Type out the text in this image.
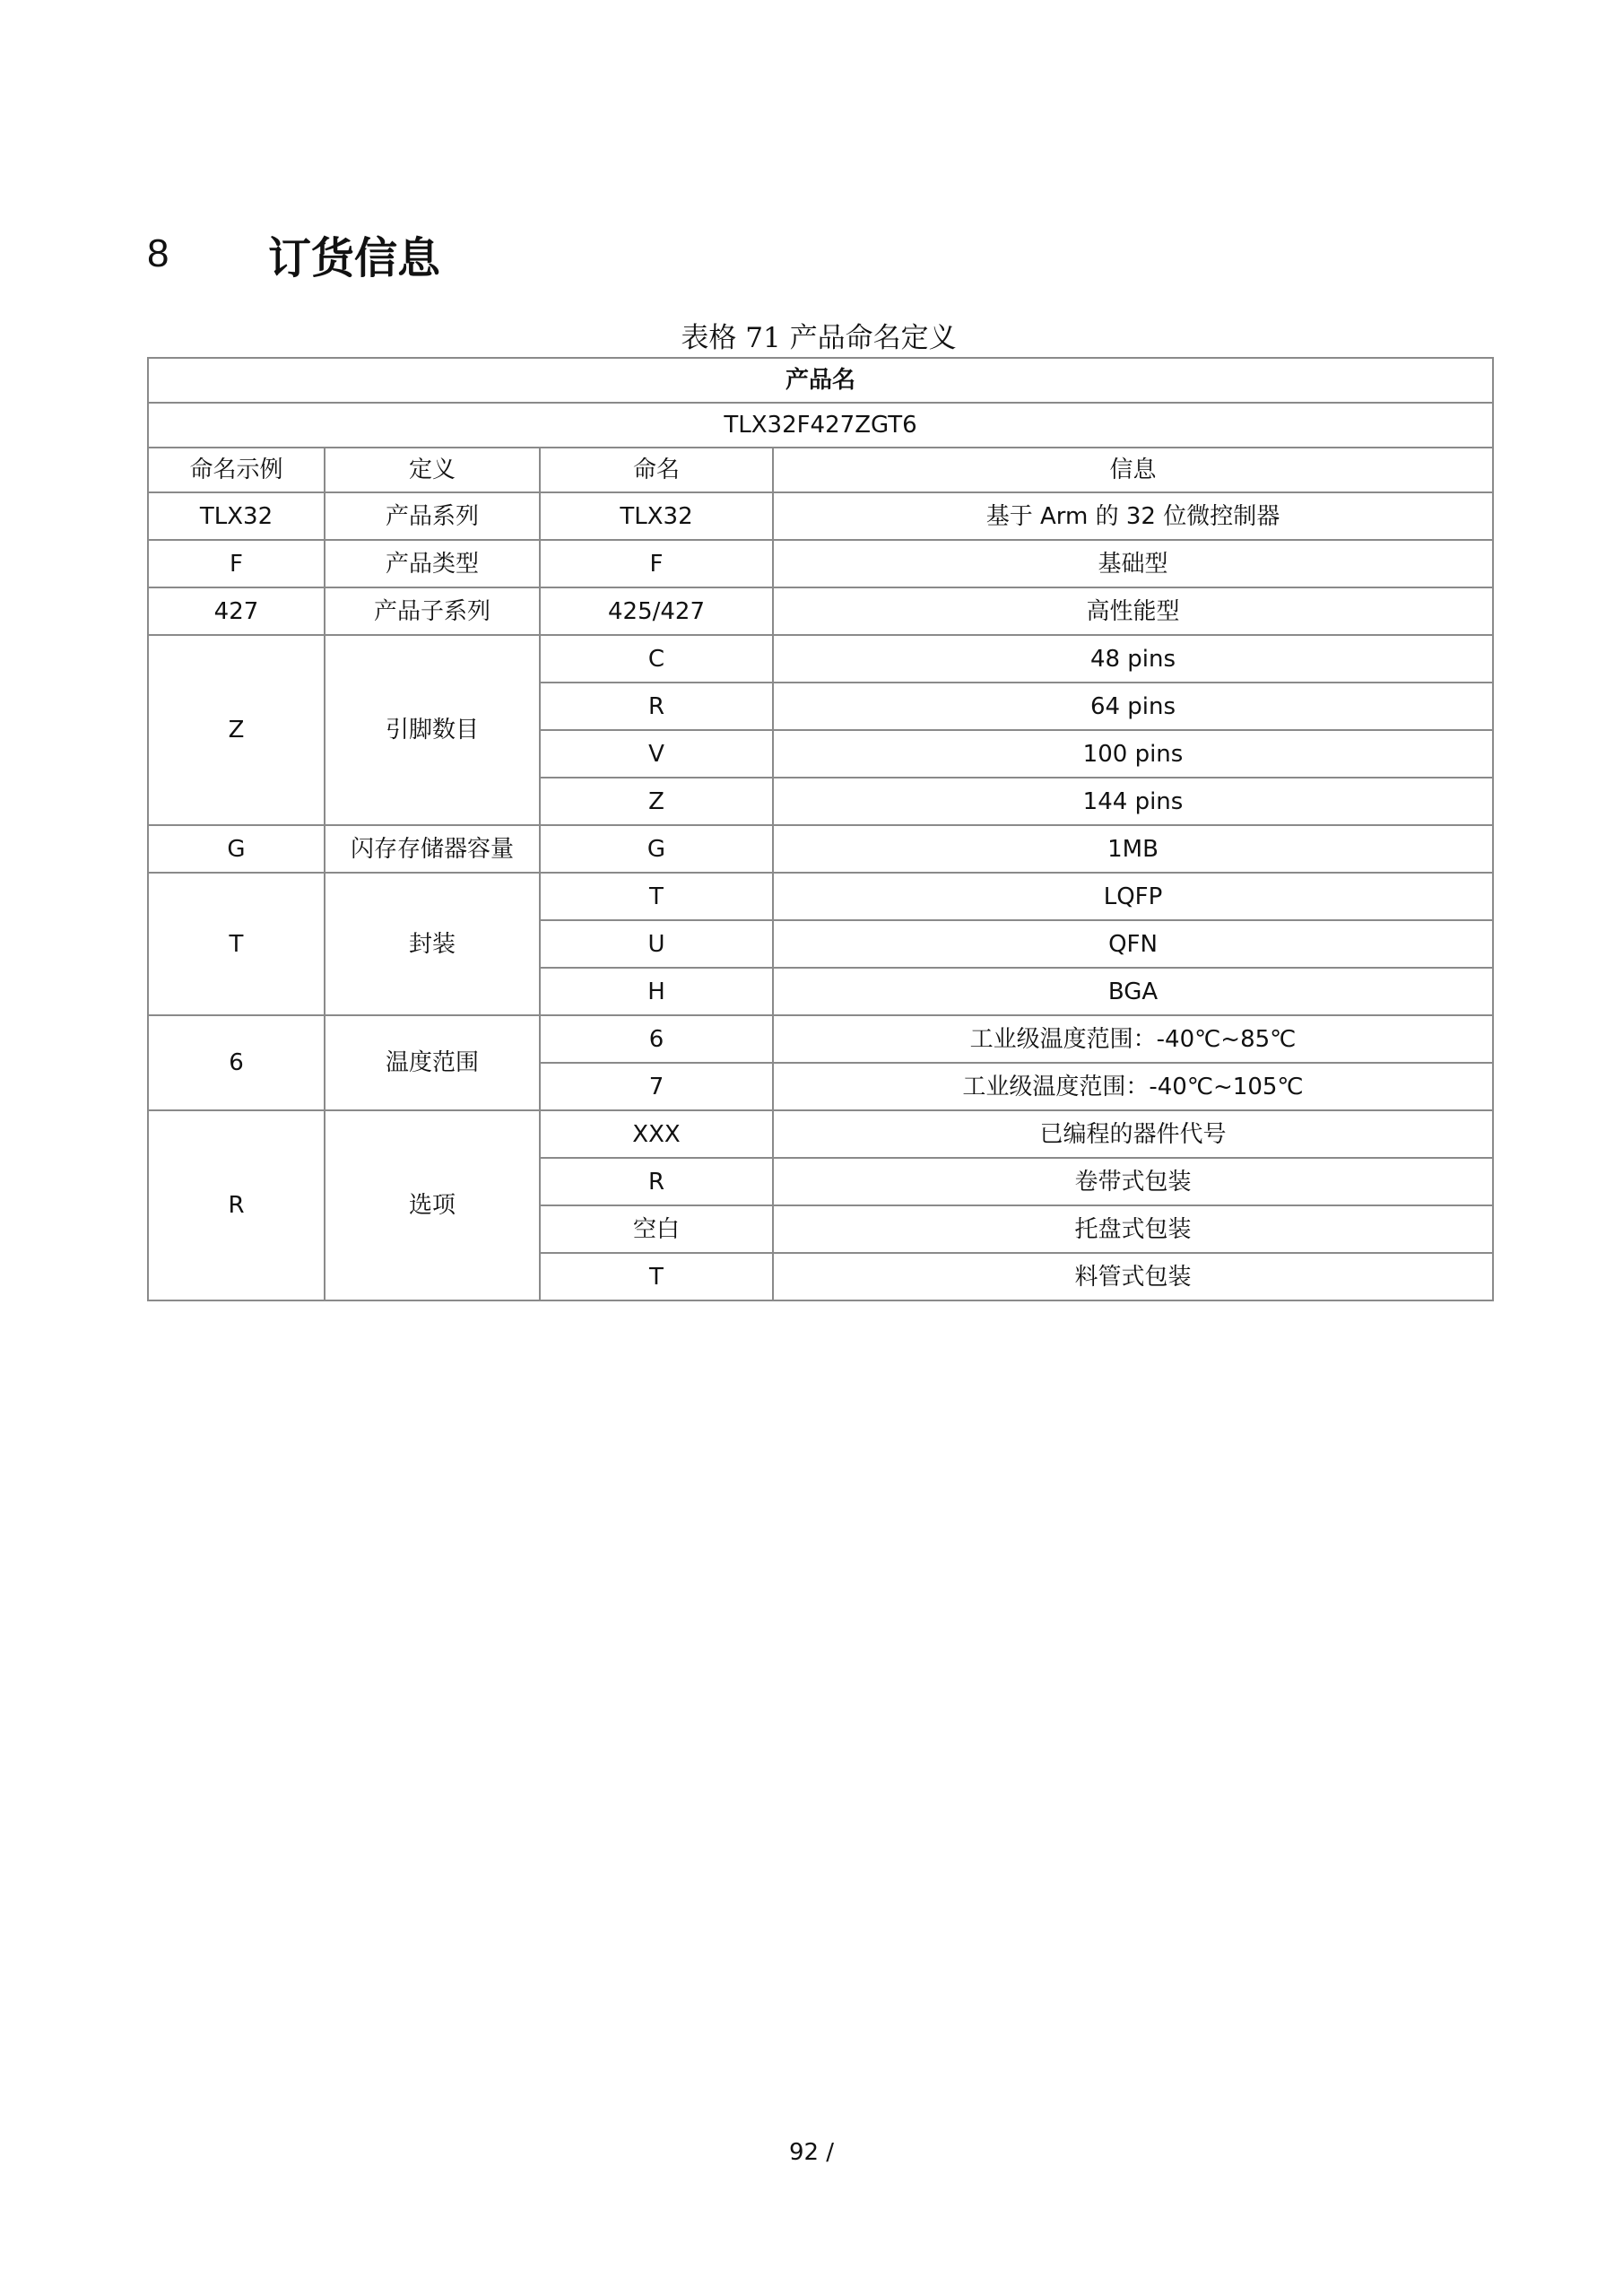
8	订货信息
表格 71 产品命名定义
产品名			
TLX32F427ZGT6			
命名示例	定义	命名	信息
TLX32	产品系列	TLX32	基于 Arm 的 32 位微控制器
F	产品类型	F	基础型
427	产品子系列	425/427	高性能型
Z	引脚数目	C	48 pins
		R	64 pins
		V	100 pins
		Z	144 pins
G	闪存存储器容量	G	1MB
T	封装	T	LQFP
		U	QFN
		H	BGA
6	温度范围	6	工业级温度范围：-40℃~85℃
		7	工业级温度范围：-40℃~105℃
R	选项	XXX	已编程的器件代号
		R	卷带式包装
		空白	托盘式包装
		T	料管式包装
92 /
